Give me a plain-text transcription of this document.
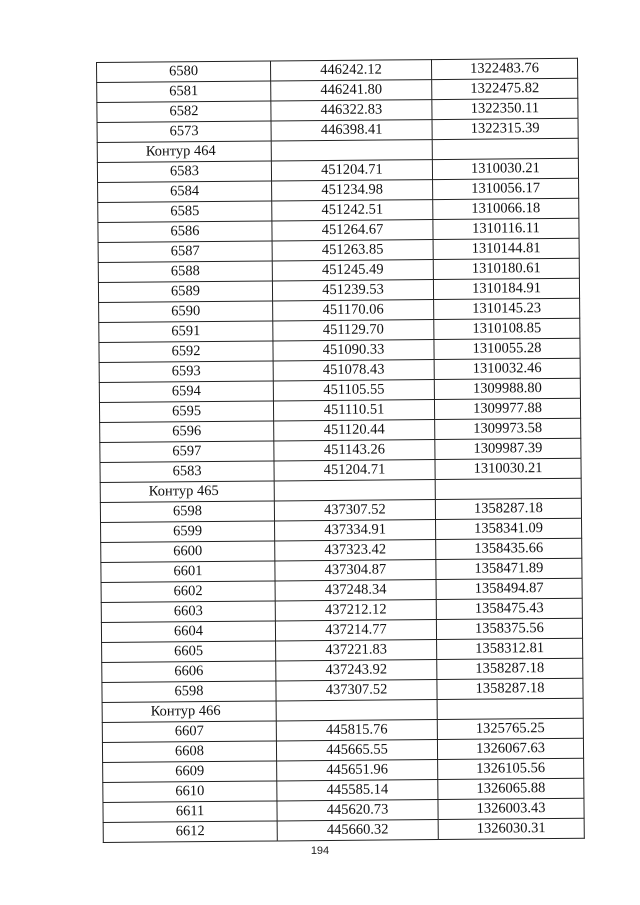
6580	446242.12	1322483.76
6581	446241.80	1322475.82
6582	446322.83	1322350.11
6573	446398.41	1322315.39
Контур 464		
6583	451204.71	1310030.21
6584	451234.98	1310056.17
6585	451242.51	1310066.18
6586	451264.67	1310116.11
6587	451263.85	1310144.81
6588	451245.49	1310180.61
6589	451239.53	1310184.91
6590	451170.06	1310145.23
6591	451129.70	1310108.85
6592	451090.33	1310055.28
6593	451078.43	1310032.46
6594	451105.55	1309988.80
6595	451110.51	1309977.88
6596	451120.44	1309973.58
6597	451143.26	1309987.39
6583	451204.71	1310030.21
Контур 465		
6598	437307.52	1358287.18
6599	437334.91	1358341.09
6600	437323.42	1358435.66
6601	437304.87	1358471.89
6602	437248.34	1358494.87
6603	437212.12	1358475.43
6604	437214.77	1358375.56
6605	437221.83	1358312.81
6606	437243.92	1358287.18
6598	437307.52	1358287.18
Контур 466		
6607	445815.76	1325765.25
6608	445665.55	1326067.63
6609	445651.96	1326105.56
6610	445585.14	1326065.88
6611	445620.73	1326003.43
6612	445660.32	1326030.31
194
